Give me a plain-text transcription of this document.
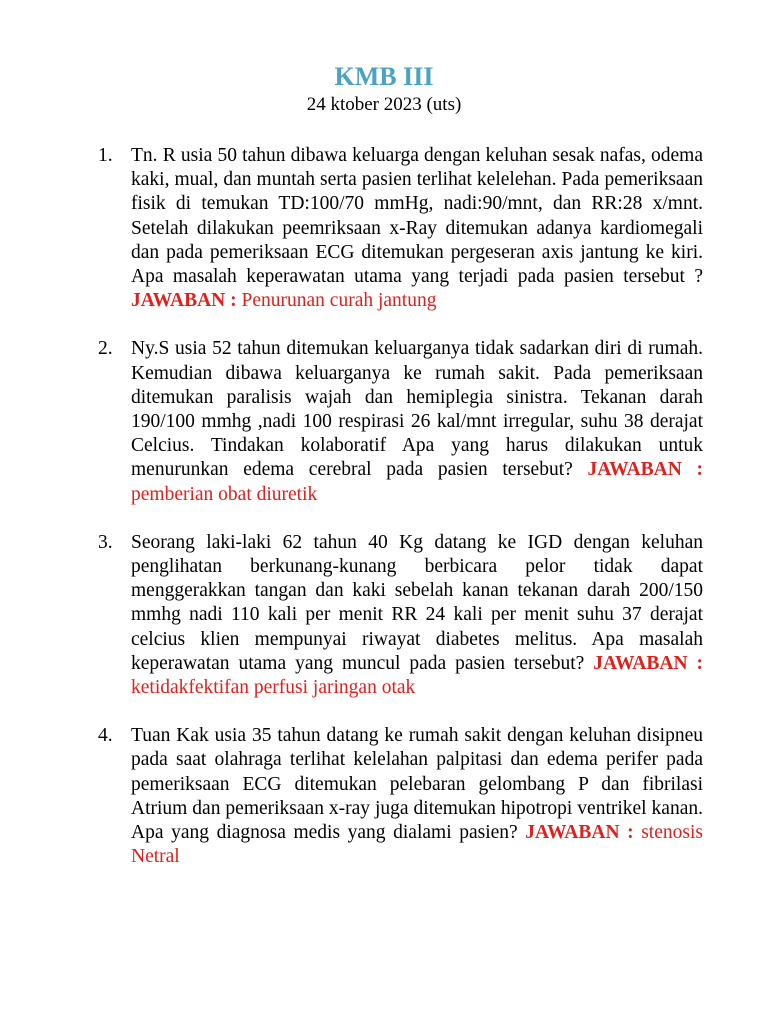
KMB III

24 ktober 2023 (uts)

1. Tn. R usia 50 tahun dibawa keluarga dengan keluhan sesak nafas, odema kaki, mual, dan muntah serta pasien terlihat kelelehan. Pada pemeriksaan fisik di temukan TD:100/70 mmHg, nadi:90/mnt, dan RR:28 x/mnt. Setelah dilakukan peemriksaan x-Ray ditemukan adanya kardiomegali dan pada pemeriksaan ECG ditemukan pergeseran axis jantung ke kiri. Apa masalah keperawatan utama yang terjadi pada pasien tersebut ? JAWABAN : Penurunan curah jantung
2. Ny.S usia 52 tahun ditemukan keluarganya tidak sadarkan diri di rumah. Kemudian dibawa keluarganya ke rumah sakit. Pada pemeriksaan ditemukan paralisis wajah dan hemiplegia sinistra. Tekanan darah 190/100 mmhg ,nadi 100 respirasi 26 kal/mnt irregular, suhu 38 derajat Celcius. Tindakan kolaboratif Apa yang harus dilakukan untuk menurunkan edema cerebral pada pasien tersebut? JAWABAN : pemberian obat diuretik
3. Seorang laki-laki 62 tahun 40 Kg datang ke IGD dengan keluhan penglihatan berkunang-kunang berbicara pelor tidak dapat menggerakkan tangan dan kaki sebelah kanan tekanan darah 200/150 mmhg nadi 110 kali per menit RR 24 kali per menit suhu 37 derajat celcius klien mempunyai riwayat diabetes melitus. Apa masalah keperawatan utama yang muncul pada pasien tersebut? JAWABAN : ketidakfektifan perfusi jaringan otak
4. Tuan Kak usia 35 tahun datang ke rumah sakit dengan keluhan disipneu pada saat olahraga terlihat kelelahan palpitasi dan edema perifer pada pemeriksaan ECG ditemukan pelebaran gelombang P dan fibrilasi Atrium dan pemeriksaan x-ray juga ditemukan hipotropi ventrikel kanan. Apa yang diagnosa medis yang dialami pasien? JAWABAN : stenosis Netral
